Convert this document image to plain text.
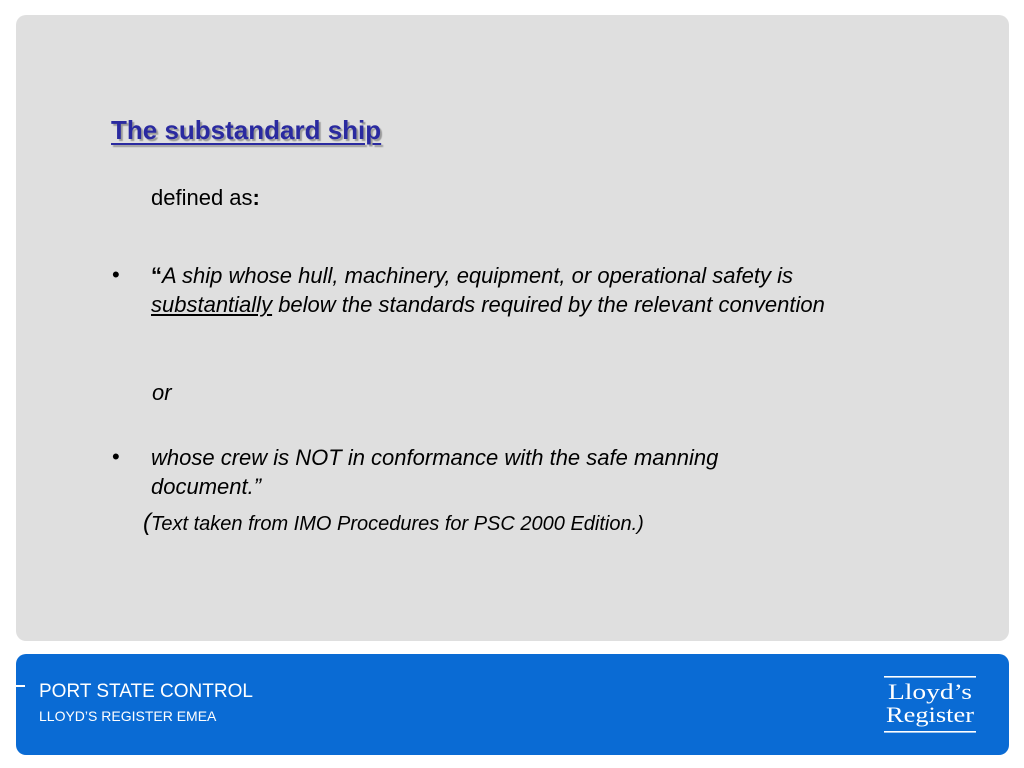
The substandard ship
defined as:
• “A ship whose hull, machinery, equipment, or operational safety is substantially below the standards required by the relevant convention
or
• whose crew is NOT in conformance with the safe manning document.”
(Text taken from IMO Procedures for PSC 2000 Edition.)
PORT STATE CONTROL
LLOYD’S REGISTER EMEA
Lloyd’s
Register
